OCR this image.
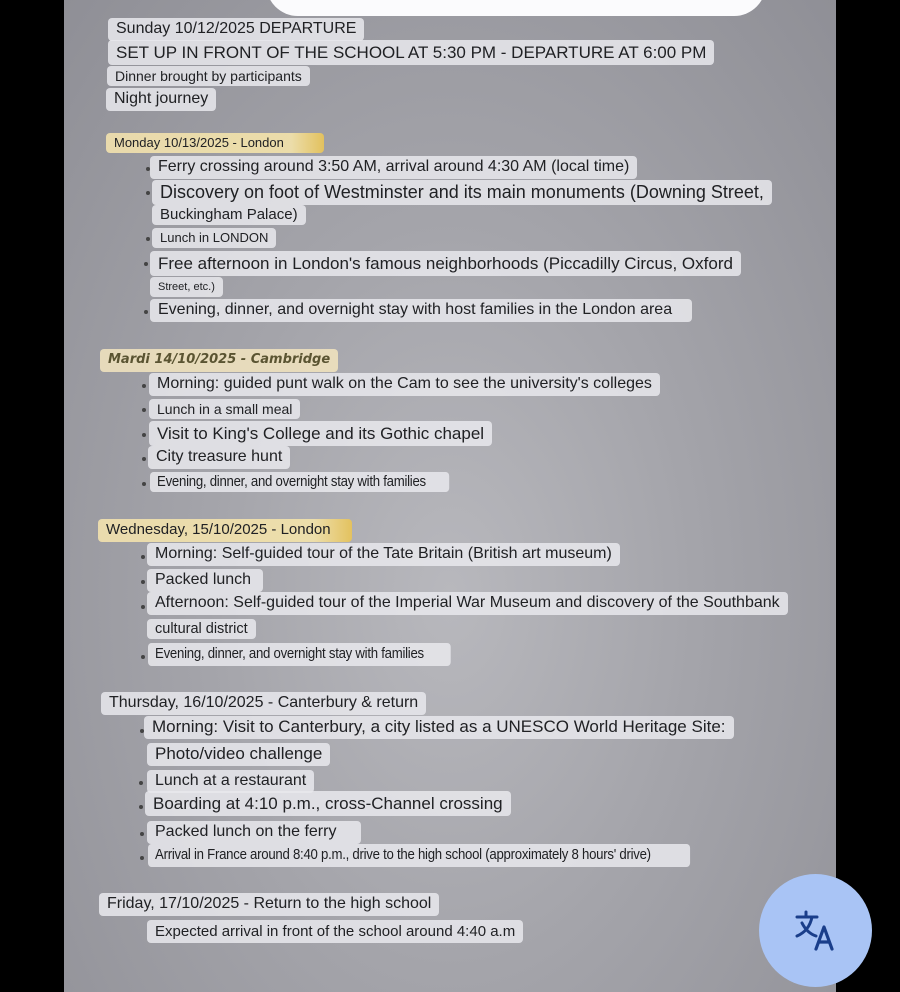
Sunday 10/12/2025 DEPARTURE
SET UP IN FRONT OF THE SCHOOL AT 5:30 PM - DEPARTURE AT 6:00 PM
Dinner brought by participants
Night journey
Monday 10/13/2025 - London
Ferry crossing around 3:50 AM, arrival around 4:30 AM (local time)
Discovery on foot of Westminster and its main monuments (Downing Street,
Buckingham Palace)
Lunch in LONDON
Free afternoon in London's famous neighborhoods (Piccadilly Circus, Oxford
Street, etc.)
Evening, dinner, and overnight stay with host families in the London area
Mardi 14/10/2025 - Cambridge
Morning: guided punt walk on the Cam to see the university's colleges
Lunch in a small meal
Visit to King's College and its Gothic chapel
City treasure hunt
Evening, dinner, and overnight stay with families
Wednesday, 15/10/2025 - London
Morning: Self-guided tour of the Tate Britain (British art museum)
Packed lunch
Afternoon: Self-guided tour of the Imperial War Museum and discovery of the Southbank
cultural district
Evening, dinner, and overnight stay with families
Thursday, 16/10/2025 - Canterbury & return
Morning: Visit to Canterbury, a city listed as a UNESCO World Heritage Site:
Photo/video challenge
Lunch at a restaurant
Boarding at 4:10 p.m., cross-Channel crossing
Packed lunch on the ferry
Arrival in France around 8:40 p.m., drive to the high school (approximately 8 hours' drive)
Friday, 17/10/2025 - Return to the high school
Expected arrival in front of the school around 4:40 a.m
